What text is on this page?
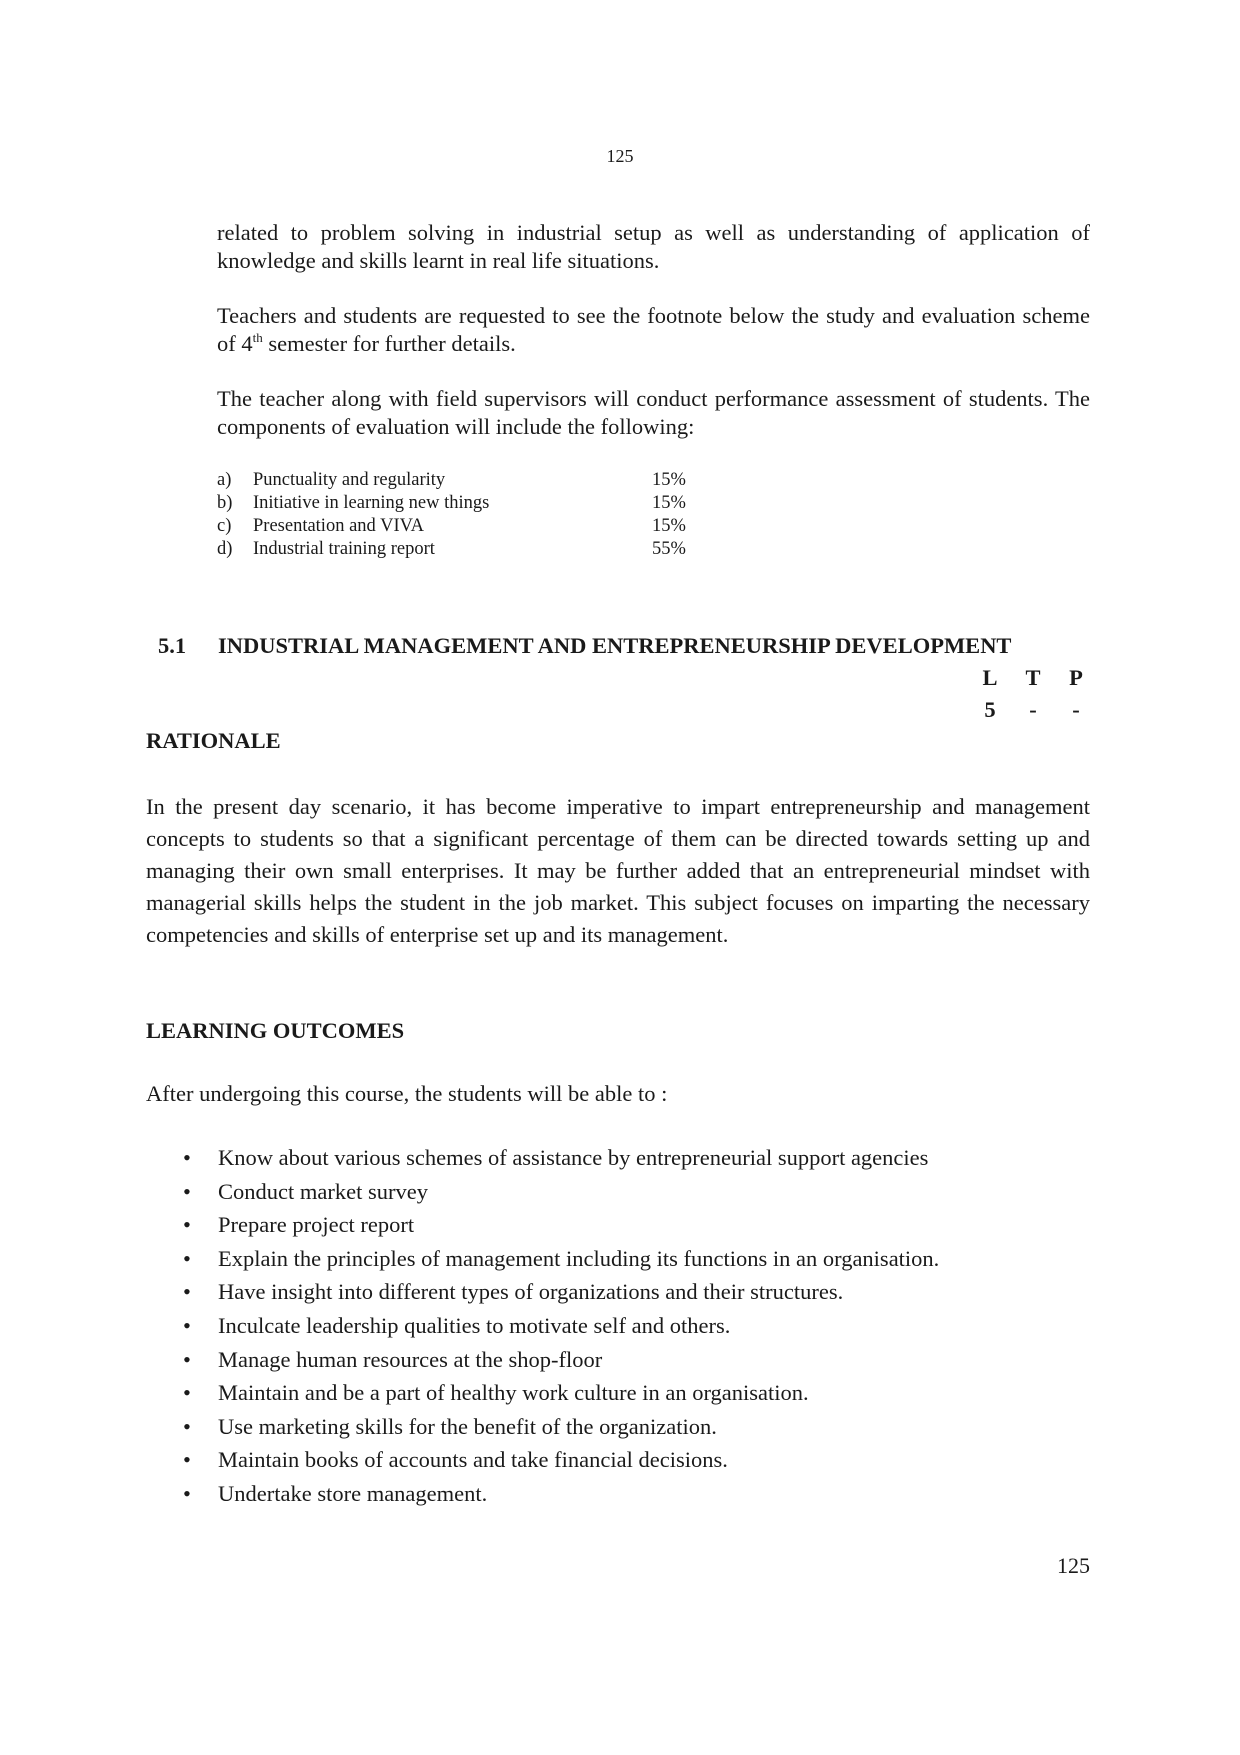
125
related to problem solving in industrial setup as well as understanding of application of knowledge and skills learnt in real life situations.
Teachers and students are requested to see the footnote below the study and evaluation scheme of 4th semester for further details.
The teacher along with field supervisors will conduct performance assessment of students. The components of evaluation will include the following:
a) Punctuality and regularity	15%
b) Initiative in learning new things	15%
c) Presentation and VIVA	15%
d) Industrial training report	55%
5.1 INDUSTRIAL MANAGEMENT AND ENTREPRENEURSHIP DEVELOPMENT
L	T	P
5	-	-
RATIONALE
In the present day scenario, it has become imperative to impart entrepreneurship and management concepts to students so that a significant percentage of them can be directed towards setting up and managing their own small enterprises. It may be further added that an entrepreneurial mindset with managerial skills helps the student in the job market. This subject focuses on imparting the necessary competencies and skills of enterprise set up and its management.
LEARNING OUTCOMES
After undergoing this course, the students will be able to :
• Know about various schemes of assistance by entrepreneurial support agencies
• Conduct market survey
• Prepare project report
• Explain the principles of management including its functions in an organisation.
• Have insight into different types of organizations and their structures.
• Inculcate leadership qualities to motivate self and others.
• Manage human resources at the shop-floor
• Maintain and be a part of healthy work culture in an organisation.
• Use marketing skills for the benefit of the organization.
• Maintain books of accounts and take financial decisions.
• Undertake store management.
125
